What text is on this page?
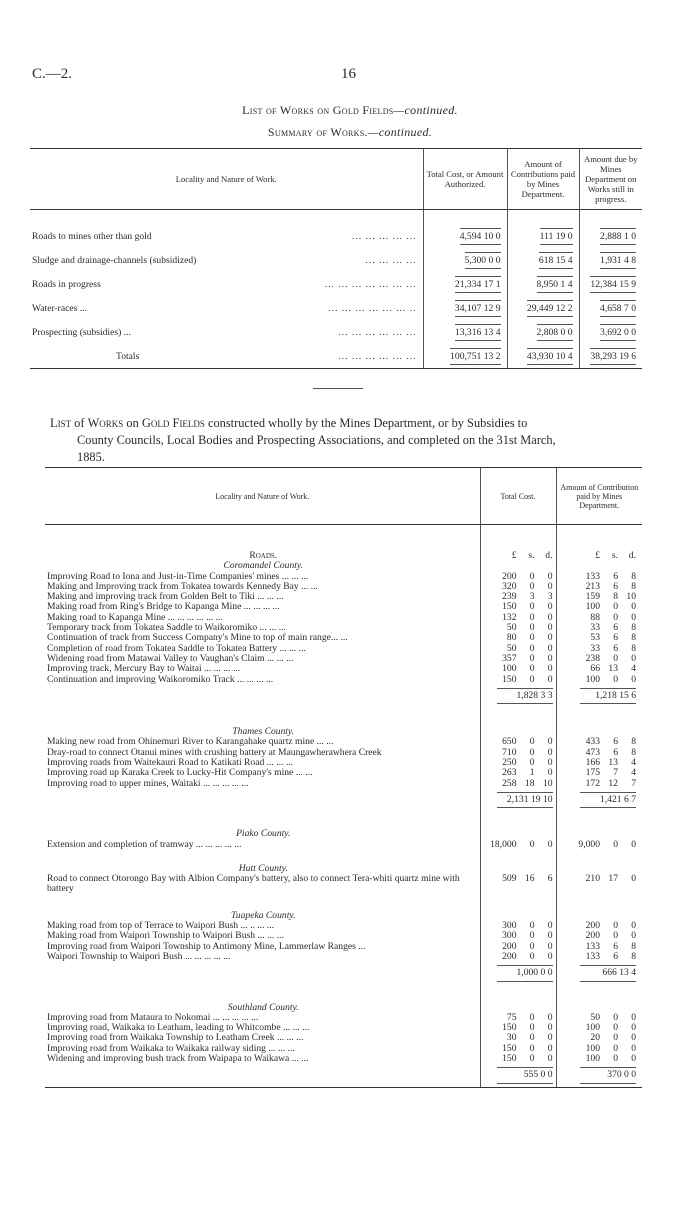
C.—2.	16
List of Works on Gold Fields—continued.
Summary of Works.—continued.
Locality and Nature of Work.	Total Cost, or Amount Authorized.	Amount of Contributions paid by Mines Department.	Amount due by Mines Department on Works still in progress.

Roads to mines other than gold ... ... ... ... ...	4,594 10 0	111 19 0	2,888 1 0
Sludge and drainage-channels (subsidized) ... ... ... ...	5,300 0 0	618 15 4	1,931 4 8
Roads in progress ... ... ... ... ... ... ...	21,334 17 1	8,950 1 4	12,384 15 9
Water-races ... ... ... ... ... ... ... ..	34,107 12 9	29,449 12 2	4,658 7 0
Prospecting (subsidies) ... ... ... ... ... ... ...	13,316 13 4	2,808 0 0	3,692 0 0
Totals ... ... ... ... ... ...	100,751 13 2	43,930 10 4	38,293 19 6
List of Works on Gold Fields constructed wholly by the Mines Department, or by Subsidies to
County Councils, Local Bodies and Prospecting Associations, and completed on the 31st March,
1885.
Locality and Nature of Work.	Total Cost.	Amount of Contribution paid by Mines Department.

Roads.	£ s. d.	£ s. d.
Coromandel County.		
Improving Road to Iona and Just-in-Time Companies' mines ... ... ...	200 0 0	133 6 8
Making and Improving track from Tokatea towards Kennedy Bay ... ...	320 0 0	213 6 8
Making and improving track from Golden Belt to Tiki ... ... ...	239 3 3	159 8 10
Making road from Ring's Bridge to Kapanga Mine ... ... ... ...	150 0 0	100 0 0
Making road to Kapanga Mine ... ... ... ... ... ...	132 0 0	88 0 0
Temporary track from Tokatea Saddle to Waikoromiko ... ... ...	50 0 0	33 6 8
Continuation of track from Success Company's Mine to top of main range... ...	80 0 0	53 6 8
Completion of road from Tokatea Saddle to Tokatea Battery ... ... ...	50 0 0	33 6 8
Widening road from Matawai Valley to Vaughan's Claim ... ... ...	357 0 0	238 0 0
Improving track, Mercury Bay to Waitai ... ... ... ...	100 0 0	66 13 4
Continuation and improving Waikoromiko Track ... ... ... ...	150 0 0	100 0 0
	1,828 3 3	1,218 15 6

Thames County.		
Making new road from Ohinemuri River to Karangahake quartz mine ... ...	650 0 0	433 6 8
Dray-road to connect Otanui mines with crushing battery at Maungawherawhera Creek	710 0 0	473 6 8
Improving roads from Waitekauri Road to Katikati Road ... ... ...	250 0 0	166 13 4
Improving road up Karaka Creek to Lucky-Hit Company's mine ... ...	263 1 0	175 7 4
Improving road to upper mines, Waitaki ... ... ... ... ...	258 18 10	172 12 7
	2,131 19 10	1,421 6 7

Piako County.		
Extension and completion of tramway ... ... ... ... ...	18,000 0 0	9,000 0 0

Hutt County.		
Road to connect Otorongo Bay with Albion Company's battery, also to connect Tera-whiti quartz mine with battery	509 16 6	210 17 0

Tuapeka County.		
Making road from top of Terrace to Waipori Bush ... .. ... ...	300 0 0	200 0 0
Making road from Waipori Township to Waipori Bush ... ... ...	300 0 0	200 0 0
Improving road from Waipori Township to Antimony Mine, Lammerlaw Ranges ...	200 0 0	133 6 8
Waipori Township to Waipori Bush ... ... ... ... ...	200 0 0	133 6 8
	1,000 0 0	666 13 4

Southland County.		
Improving road from Mataura to Nokomai ... ... ... ... ...	75 0 0	50 0 0
Improving road, Waikaka to Leatham, leading to Whitcombe ... ... ...	150 0 0	100 0 0
Improving road from Waikaka Township to Leatham Creek ... ... ...	30 0 0	20 0 0
Improving road from Waikaka to Waikaka railway siding ... ... ...	150 0 0	100 0 0
Widening and improving bush track from Waipapa to Waikawa ... ...	150 0 0	100 0 0
	555 0 0	370 0 0
